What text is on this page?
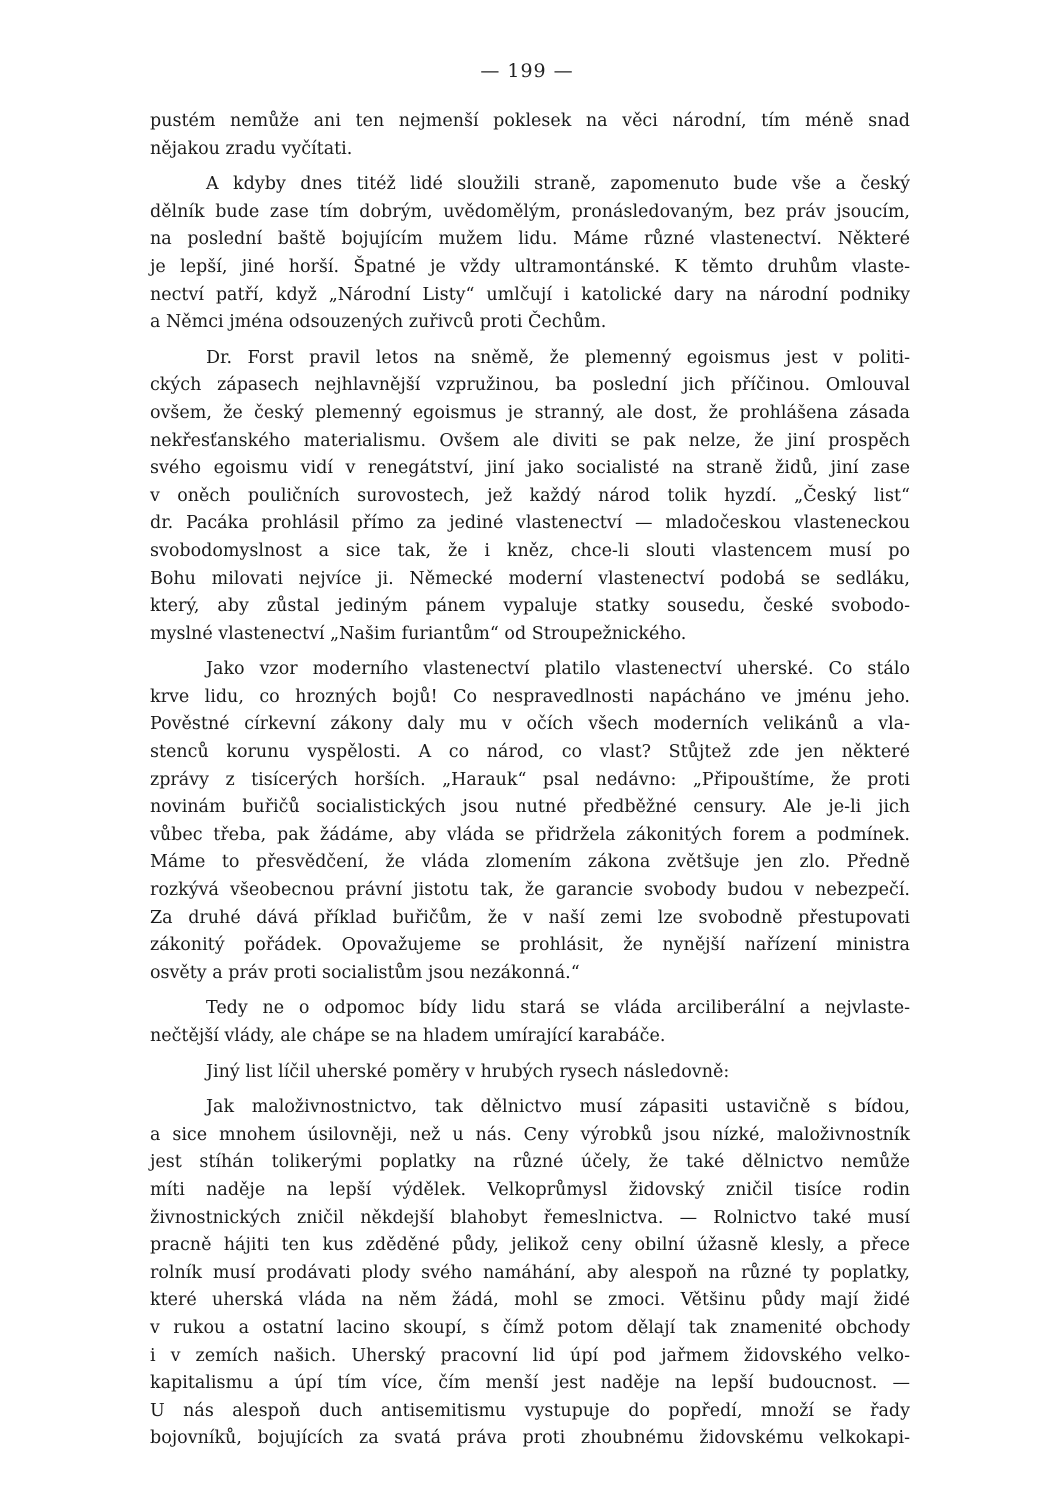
— 199 —
pustém nemůže ani ten nejmenší poklesek na věci národní, tím méně snad
nějakou zradu vyčítati.
A kdyby dnes titéž lidé sloužili straně, zapomenuto bude vše a český
dělník bude zase tím dobrým, uvědomělým, pronásledovaným, bez práv jsoucím,
na poslední baště bojujícím mužem lidu. Máme různé vlastenectví. Některé
je lepší, jiné horší. Špatné je vždy ultramontánské. K těmto druhům vlaste-
nectví patří, když „Národní Listy“ umlčují i katolické dary na národní podniky
a Němci jména odsouzených zuřivců proti Čechům.
Dr. Forst pravil letos na sněmě, že plemenný egoismus jest v politi-
ckých zápasech nejhlavnější vzpružinou, ba poslední jich příčinou. Omlouval
ovšem, že český plemenný egoismus je stranný, ale dost, že prohlášena zásada
nekřesťanského materialismu. Ovšem ale diviti se pak nelze, že jiní prospěch
svého egoismu vidí v renegátství, jiní jako socialisté na straně židů, jiní zase
v oněch pouličních surovostech, jež každý národ tolik hyzdí. „Český list“
dr. Pacáka prohlásil přímo za jediné vlastenectví — mladočeskou vlasteneckou
svobodomyslnost a sice tak, že i kněz, chce-li slouti vlastencem musí po
Bohu milovati nejvíce ji. Německé moderní vlastenectví podobá se sedláku,
který, aby zůstal jediným pánem vypaluje statky sousedu, české svobodo-
myslné vlastenectví „Našim furiantům“ od Stroupežnického.
Jako vzor moderního vlastenectví platilo vlastenectví uherské. Co stálo
krve lidu, co hrozných bojů! Co nespravedlnosti napácháno ve jménu jeho.
Pověstné církevní zákony daly mu v očích všech moderních velikánů a vla-
stenců korunu vyspělosti. A co národ, co vlast? Stůjtež zde jen některé
zprávy z tisícerých horších. „Harauk“ psal nedávno: „Připouštíme, že proti
novinám buřičů socialistických jsou nutné předběžné censury. Ale je-li jich
vůbec třeba, pak žádáme, aby vláda se přidržela zákonitých forem a podmínek.
Máme to přesvědčení, že vláda zlomením zákona zvětšuje jen zlo. Předně
rozkývá všeobecnou právní jistotu tak, že garancie svobody budou v nebezpečí.
Za druhé dává příklad buřičům, že v naší zemi lze svobodně přestupovati
zákonitý pořádek. Opovažujeme se prohlásit, že nynější nařízení ministra
osvěty a práv proti socialistům jsou nezákonná.“
Tedy ne o odpomoc bídy lidu stará se vláda arciliberální a nejvlaste-
nečtější vlády, ale chápe se na hladem umírající karabáče.
Jiný list líčil uherské poměry v hrubých rysech následovně:
Jak maloživnostnictvo, tak dělnictvo musí zápasiti ustavičně s bídou,
a sice mnohem úsilovněji, než u nás. Ceny výrobků jsou nízké, maloživnostník
jest stíhán tolikerými poplatky na různé účely, že také dělnictvo nemůže
míti naděje na lepší výdělek. Velkoprůmysl židovský zničil tisíce rodin
živnostnických zničil někdejší blahobyt řemeslnictva. — Rolnictvo také musí
pracně hájiti ten kus zděděné půdy, jelikož ceny obilní úžasně klesly, a přece
rolník musí prodávati plody svého namáhání, aby alespoň na různé ty poplatky,
které uherská vláda na něm žádá, mohl se zmoci. Většinu půdy mají židé
v rukou a ostatní lacino skoupí, s čímž potom dělají tak znamenité obchody
i v zemích našich. Uherský pracovní lid úpí pod jařmem židovského velko-
kapitalismu a úpí tím více, čím menší jest naděje na lepší budoucnost. —
U nás alespoň duch antisemitismu vystupuje do popředí, množí se řady
bojovníků, bojujících za svatá práva proti zhoubnému židovskému velkokapi-
